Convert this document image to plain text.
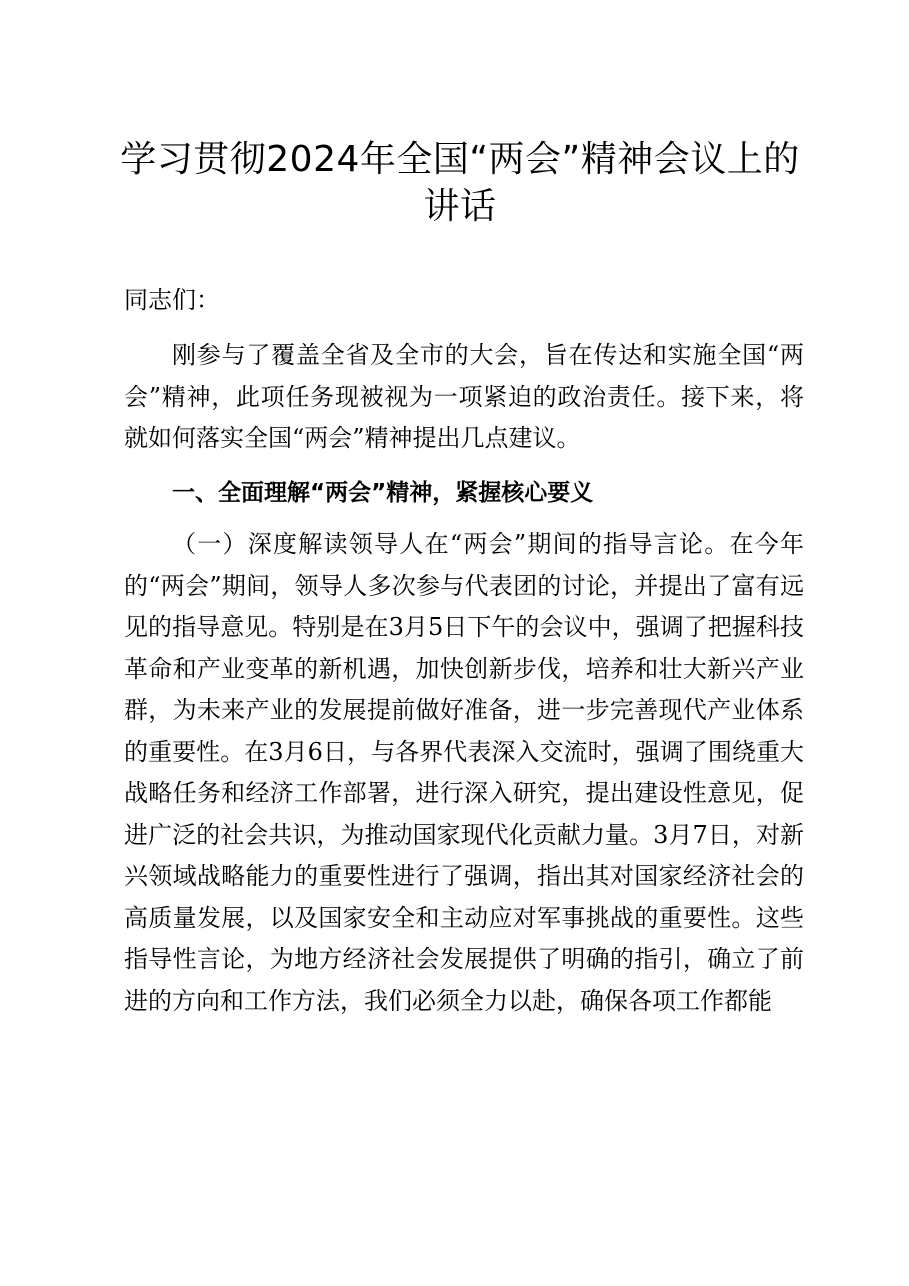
学习贯彻2024年全国“两会”精神会议上的讲话

同志们：

刚参与了覆盖全省及全市的大会，旨在传达和实施全国“两会”精神，此项任务现被视为一项紧迫的政治责任。接下来，将就如何落实全国“两会”精神提出几点建议。

一、全面理解“两会”精神，紧握核心要义

（一）深度解读领导人在“两会”期间的指导言论。在今年的“两会”期间，领导人多次参与代表团的讨论，并提出了富有远见的指导意见。特别是在3月5日下午的会议中，强调了把握科技革命和产业变革的新机遇，加快创新步伐，培养和壮大新兴产业群，为未来产业的发展提前做好准备，进一步完善现代产业体系的重要性。在3月6日，与各界代表深入交流时，强调了围绕重大战略任务和经济工作部署，进行深入研究，提出建设性意见，促进广泛的社会共识，为推动国家现代化贡献力量。3月7日，对新兴领域战略能力的重要性进行了强调，指出其对国家经济社会的高质量发展，以及国家安全和主动应对军事挑战的重要性。这些指导性言论，为地方经济社会发展提供了明确的指引，确立了前进的方向和工作方法，我们必须全力以赴，确保各项工作都能
